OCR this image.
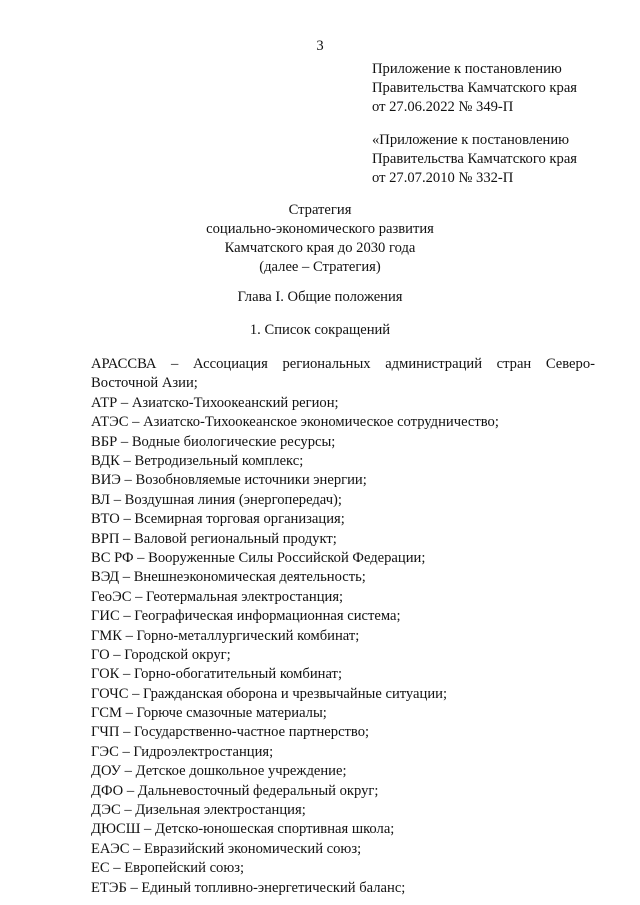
3
Приложение к постановлению
Правительства Камчатского края
от 27.06.2022 № 349-П
«Приложение к постановлению
Правительства Камчатского края
от 27.07.2010 № 332-П
Стратегия
социально-экономического развития
Камчатского края до 2030 года
(далее – Стратегия)
Глава I. Общие положения
1. Список сокращений
АРАССВА – Ассоциация региональных администраций стран Северо-Восточной Азии;
АТР – Азиатско-Тихоокеанский регион;
АТЭС – Азиатско-Тихоокеанское экономическое сотрудничество;
ВБР – Водные биологические ресурсы;
ВДК – Ветродизельный комплекс;
ВИЭ – Возобновляемые источники энергии;
ВЛ – Воздушная линия (энергопередач);
ВТО – Всемирная торговая организация;
ВРП – Валовой региональный продукт;
ВС РФ – Вооруженные Силы Российской Федерации;
ВЭД – Внешнеэкономическая деятельность;
ГеоЭС – Геотермальная электростанция;
ГИС – Географическая информационная система;
ГМК – Горно-металлургический комбинат;
ГО – Городской округ;
ГОК – Горно-обогатительный комбинат;
ГОЧС – Гражданская оборона и чрезвычайные ситуации;
ГСМ – Горюче смазочные материалы;
ГЧП – Государственно-частное партнерство;
ГЭС – Гидроэлектростанция;
ДОУ – Детское дошкольное учреждение;
ДФО – Дальневосточный федеральный округ;
ДЭС – Дизельная электростанция;
ДЮСШ – Детско-юношеская спортивная школа;
ЕАЭС – Евразийский экономический союз;
ЕС – Европейский союз;
ЕТЭБ – Единый топливно-энергетический баланс;
